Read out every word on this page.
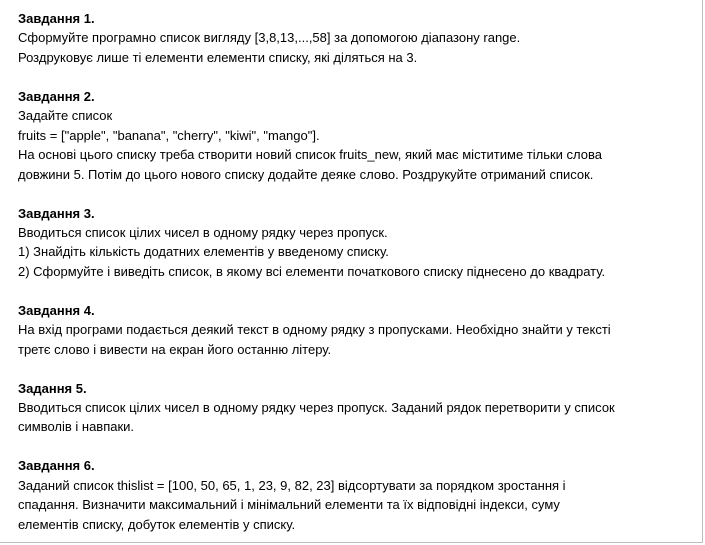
Завдання 1.
Сформуйте програмно список вигляду [3,8,13,...,58] за допомогою діапазону range.
Роздруковує лише ті елементи елементи списку, які діляться на 3.
Завдання 2.
Задайте список
fruits = ["apple", "banana", "cherry", "kiwi", "mango"].
На основі цього списку треба створити новий список fruits_new, який має міститиме тільки слова
довжини 5. Потім до цього нового списку додайте деяке слово. Роздрукуйте отриманий список.
Завдання 3.
Вводиться список цілих чисел в одному рядку через пропуск.
1) Знайдіть кількість додатних елементів у введеному списку.
2) Сформуйте і виведіть список, в якому всі елементи початкового списку піднесено до квадрату.
Завдання 4.
На вхід програми подається деякий текст в одному рядку з пропусками. Необхідно знайти у тексті
третє слово і вивести на екран його останню літеру.
Задання 5.
Вводиться список цілих чисел в одному рядку через пропуск. Заданий рядок перетворити у список
символів і навпаки.
Завдання 6.
Заданий список thislist = [100, 50, 65, 1, 23, 9, 82, 23] відсортувати за порядком зростання і
спадання. Визначити максимальний і мінімальний елементи та їх відповідні індекси, суму
елементів списку, добуток елементів у списку.
